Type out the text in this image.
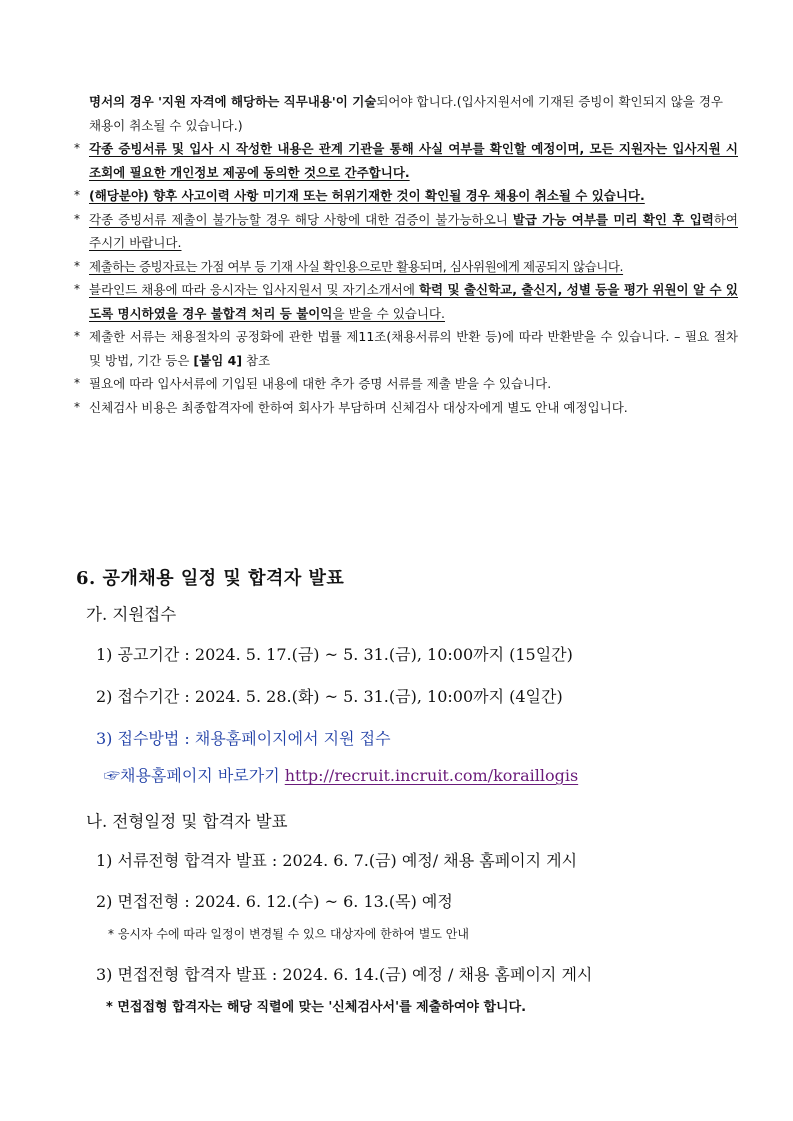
명서의 경우 '지원 자격에 해당하는 직무내용'이 기술되어야 합니다.(입사지원서에 기재된 증빙이 확인되지 않을 경우 채용이 취소될 수 있습니다.)
* 각종 증빙서류 및 입사 시 작성한 내용은 관계 기관을 통해 사실 여부를 확인할 예정이며, 모든 지원자는 입사지원 시 조회에 필요한 개인정보 제공에 동의한 것으로 간주합니다.
* (해당분야) 향후 사고이력 사항 미기재 또는 허위기재한 것이 확인될 경우 채용이 취소될 수 있습니다.
* 각종 증빙서류 제출이 불가능할 경우 해당 사항에 대한 검증이 불가능하오니 발급 가능 여부를 미리 확인 후 입력하여 주시기 바랍니다.
* 제출하는 증빙자료는 가점 여부 등 기재 사실 확인용으로만 활용되며, 심사위원에게 제공되지 않습니다.
* 블라인드 채용에 따라 응시자는 입사지원서 및 자기소개서에 학력 및 출신학교, 출신지, 성별 등을 평가 위원이 알 수 있도록 명시하였을 경우 불합격 처리 등 불이익을 받을 수 있습니다.
* 제출한 서류는 채용절차의 공정화에 관한 법률 제11조(채용서류의 반환 등)에 따라 반환받을 수 있습니다. – 필요 절차 및 방법, 기간 등은 [붙임 4] 참조
* 필요에 따라 입사서류에 기입된 내용에 대한 추가 증명 서류를 제출 받을 수 있습니다.
* 신체검사 비용은 최종합격자에 한하여 회사가 부담하며 신체검사 대상자에게 별도 안내 예정입니다.
6. 공개채용 일정 및 합격자 발표
가. 지원접수
1) 공고기간 : 2024. 5. 17.(금) ~ 5. 31.(금), 10:00까지 (15일간)
2) 접수기간 : 2024. 5. 28.(화) ~ 5. 31.(금), 10:00까지 (4일간)
3) 접수방법 : 채용홈페이지에서 지원 접수
☞채용홈페이지 바로가기 http://recruit.incruit.com/koraillogis
나. 전형일정 및 합격자 발표
1) 서류전형 합격자 발표 : 2024. 6. 7.(금) 예정/ 채용 홈페이지 게시
2) 면접전형 : 2024. 6. 12.(수) ~ 6. 13.(목) 예정
* 응시자 수에 따라 일정이 변경될 수 있으 대상자에 한하여 별도 안내
3) 면접전형 합격자 발표 : 2024. 6. 14.(금) 예정 / 채용 홈페이지 게시
* 면접접형 합격자는 해당 직렬에 맞는 '신체검사서'를 제출하여야 합니다.
